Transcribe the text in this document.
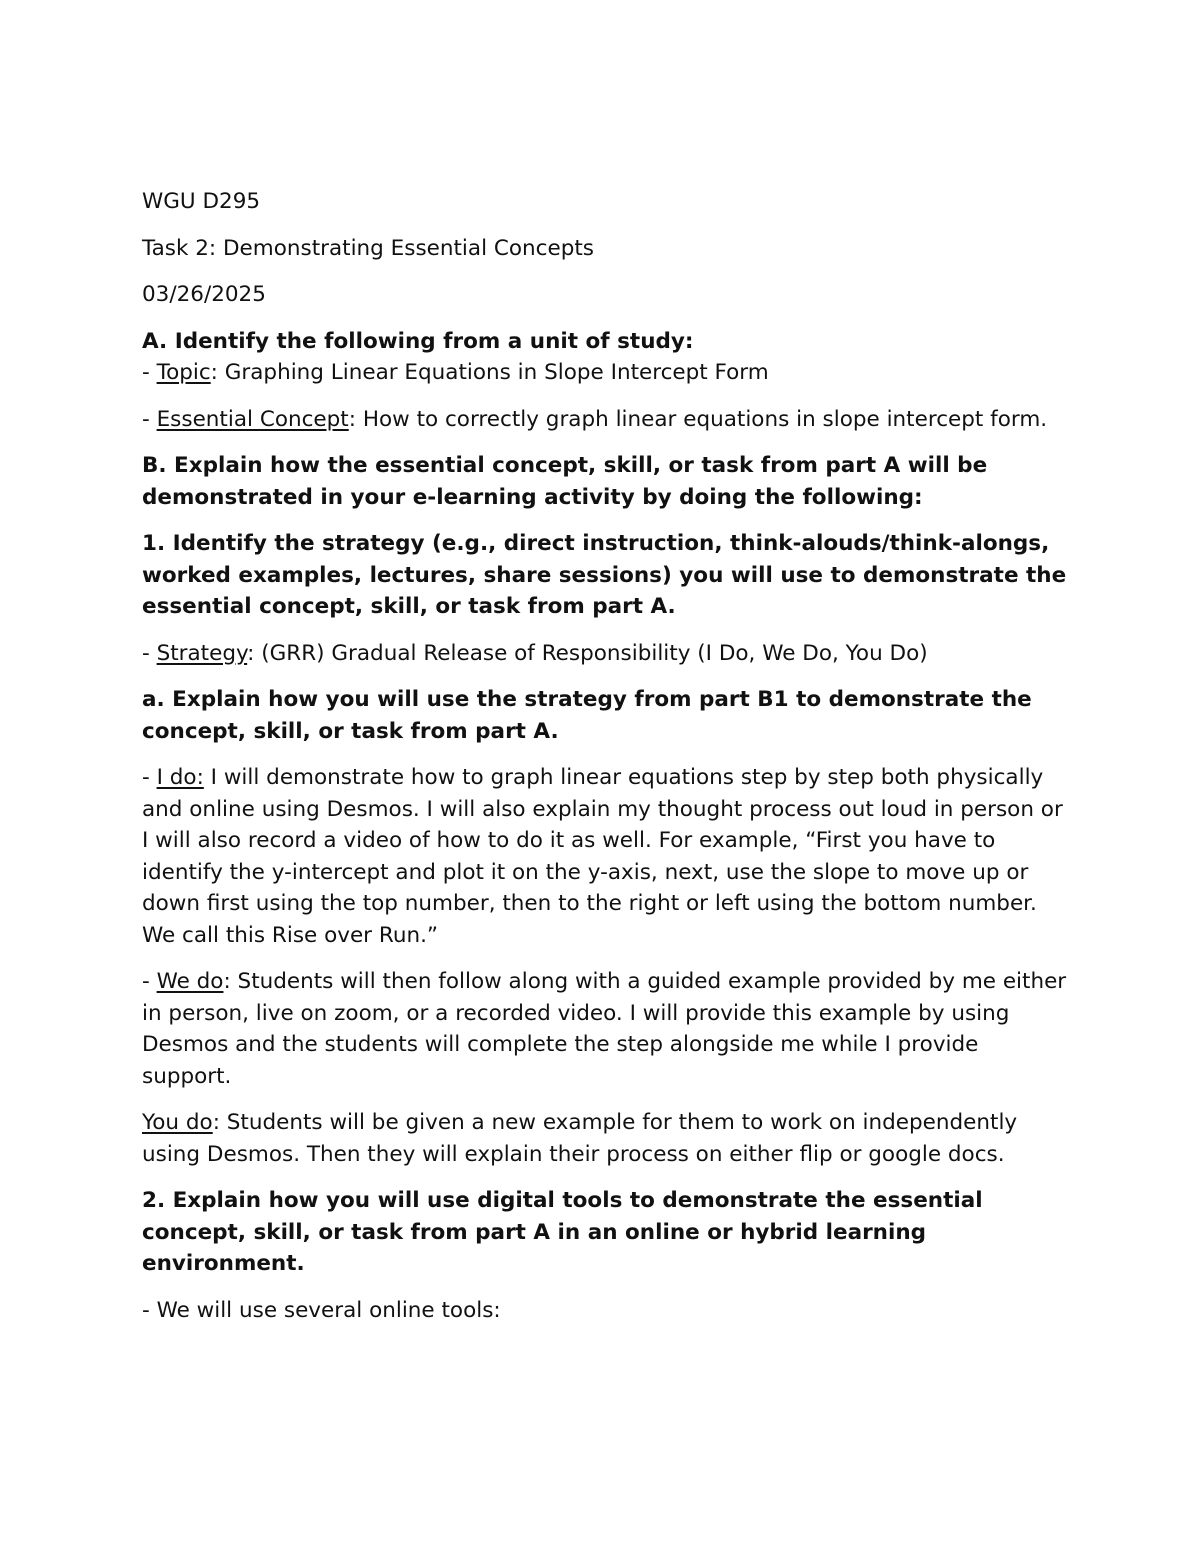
WGU D295

Task 2: Demonstrating Essential Concepts

03/26/2025

A. Identify the following from a unit of study:

- Topic: Graphing Linear Equations in Slope Intercept Form

- Essential Concept: How to correctly graph linear equations in slope intercept form.

B. Explain how the essential concept, skill, or task from part A will be demonstrated in your e-learning activity by doing the following:

1. Identify the strategy (e.g., direct instruction, think-alouds/think-alongs, worked examples, lectures, share sessions) you will use to demonstrate the essential concept, skill, or task from part A.

- Strategy: (GRR) Gradual Release of Responsibility (I Do, We Do, You Do)

a. Explain how you will use the strategy from part B1 to demonstrate the concept, skill, or task from part A.

- I do: I will demonstrate how to graph linear equations step by step both physically and online using Desmos. I will also explain my thought process out loud in person or I will also record a video of how to do it as well. For example, “First you have to identify the y-intercept and plot it on the y-axis, next, use the slope to move up or down first using the top number, then to the right or left using the bottom number. We call this Rise over Run.”

- We do: Students will then follow along with a guided example provided by me either in person, live on zoom, or a recorded video. I will provide this example by using Desmos and the students will complete the step alongside me while I provide support.

You do: Students will be given a new example for them to work on independently using Desmos. Then they will explain their process on either flip or google docs.

2. Explain how you will use digital tools to demonstrate the essential concept, skill, or task from part A in an online or hybrid learning environment.

- We will use several online tools:
